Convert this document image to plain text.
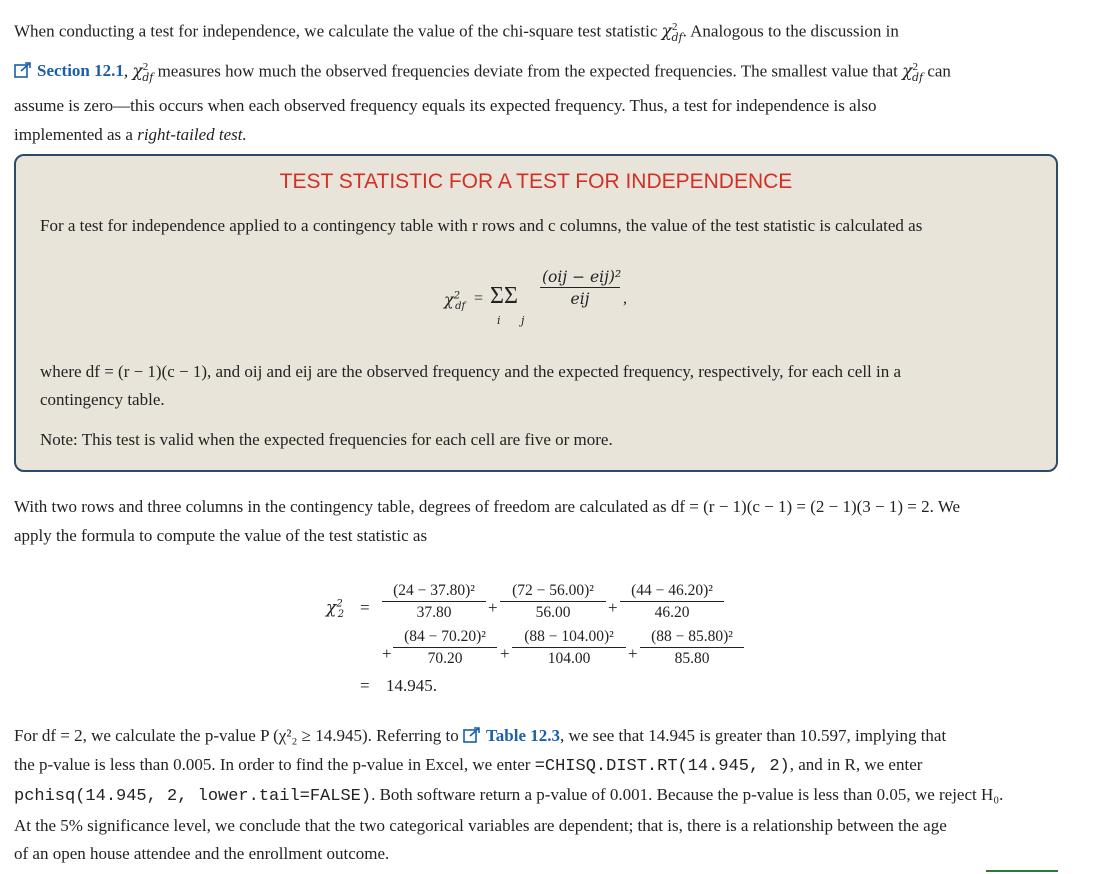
When conducting a test for independence, we calculate the value of the chi-square test statistic $\chi^2_{df}$. Analogous to the discussion in
Section 12.1, $\chi^2_{df}$ measures how much the observed frequencies deviate from the expected frequencies. The smallest value that $\chi^2_{df}$ can
assume is zero—this occurs when each observed frequency equals its expected frequency. Thus, a test for independence is also
implemented as a right-tailed test.
TEST STATISTIC FOR A TEST FOR INDEPENDENCE
For a test for independence applied to a contingency table with r rows and c columns, the value of the test statistic is calculated as
$\chi^2_{df} = \Sigma\Sigma$
i j
(oij − eij)²
eij	,
where df = (r − 1)(c − 1), and oij and eij are the observed frequency and the expected frequency, respectively, for each cell in a
contingency table.
Note: This test is valid when the expected frequencies for each cell are five or more.
With two rows and three columns in the contingency table, degrees of freedom are calculated as df = (r − 1)(c − 1) = (2 − 1)(3 − 1) = 2. We
apply the formula to compute the value of the test statistic as
$\chi^2_2 = \frac{\text{(24 − 37.80)²}}{37.80} + \frac{\text{(72 − 56.00)²}}{56.00} + \frac{\text{(44 − 46.20)²}}{46.20}$
+ $\frac{\text{(84 − 70.20)²}}{70.20} + \frac{\text{(88 − 104.00)²}}{104.00} + \frac{\text{(88 − 85.80)²}}{85.80}$
= 14.945.
For df = 2, we calculate the p-value P (χ²₂ ≥ 14.945). Referring to Table 12.3, we see that 14.945 is greater than 10.597, implying that
the p-value is less than 0.005. In order to find the p-value in Excel, we enter =CHISQ.DIST.RT(14.945, 2), and in R, we enter
pchisq(14.945, 2, lower.tail=FALSE). Both software return a p-value of 0.001. Because the p-value is less than 0.05, we reject H₀.
At the 5% significance level, we conclude that the two categorical variables are dependent; that is, there is a relationship between the age
of an open house attendee and the enrollment outcome.
